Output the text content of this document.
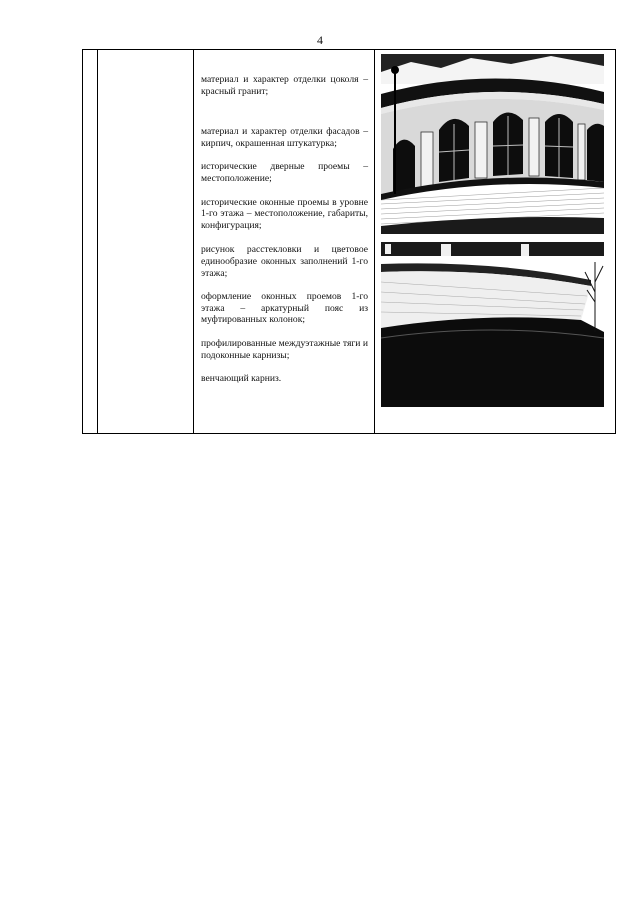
4

материал и характер отделки цоколя – красный гранит;

материал и характер отделки фасадов – кирпич, окрашенная штукатурка;

исторические дверные проемы – местоположение;

исторические оконные проемы в уровне 1-го этажа – местоположение, габариты, конфигурация;

рисунок расстекловки и цветовое единообразие оконных заполнений 1-го этажа;

оформление оконных проемов 1-го этажа – аркатурный пояс из муфтированных колонок;

профилированные междуэтажные тяги и подоконные карнизы;

венчающий карниз.
